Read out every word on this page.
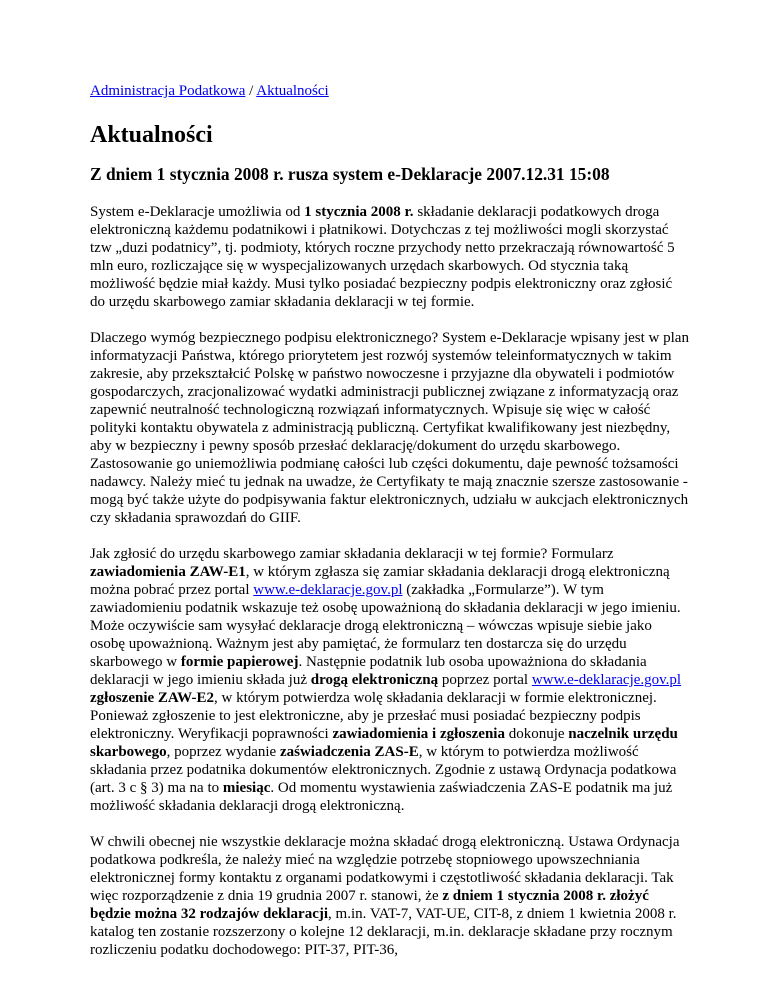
Administracja Podatkowa / Aktualności
Aktualności
Z dniem 1 stycznia 2008 r. rusza system e-Deklaracje 2007.12.31 15:08

System e-Deklaracje umożliwia od 1 stycznia 2008 r. składanie deklaracji podatkowych droga elektroniczną każdemu podatnikowi i płatnikowi. Dotychczas z tej możliwości mogli skorzystać tzw „duzi podatnicy”, tj. podmioty, których roczne przychody netto przekraczają równowartość 5 mln euro, rozliczające się w wyspecjalizowanych urzędach skarbowych. Od stycznia taką możliwość będzie miał każdy. Musi tylko posiadać bezpieczny podpis elektroniczny oraz zgłosić do urzędu skarbowego zamiar składania deklaracji w tej formie.

Dlaczego wymóg bezpiecznego podpisu elektronicznego? System e-Deklaracje wpisany jest w plan informatyzacji Państwa, którego priorytetem jest rozwój systemów teleinformatycznych w takim zakresie, aby przekształcić Polskę w państwo nowoczesne i przyjazne dla obywateli i podmiotów gospodarczych, zracjonalizować wydatki administracji publicznej związane z informatyzacją oraz zapewnić neutralność technologiczną rozwiązań informatycznych. Wpisuje się więc w całość polityki kontaktu obywatela z administracją publiczną. Certyfikat kwalifikowany jest niezbędny, aby w bezpieczny i pewny sposób przesłać deklarację/dokument do urzędu skarbowego. Zastosowanie go uniemożliwia podmianę całości lub części dokumentu, daje pewność tożsamości nadawcy. Należy mieć tu jednak na uwadze, że Certyfikaty te mają znacznie szersze zastosowanie - mogą być także użyte do podpisywania faktur elektronicznych, udziału w aukcjach elektronicznych czy składania sprawozdań do GIIF.

Jak zgłosić do urzędu skarbowego zamiar składania deklaracji w tej formie? Formularz zawiadomienia ZAW-E1, w którym zgłasza się zamiar składania deklaracji drogą elektroniczną można pobrać przez portal www.e-deklaracje.gov.pl (zakładka „Formularze”). W tym zawiadomieniu podatnik wskazuje też osobę upoważnioną do składania deklaracji w jego imieniu. Może oczywiście sam wysyłać deklaracje drogą elektroniczną – wówczas wpisuje siebie jako osobę upoważnioną. Ważnym jest aby pamiętać, że formularz ten dostarcza się do urzędu skarbowego w formie papierowej. Następnie podatnik lub osoba upoważniona do składania deklaracji w jego imieniu składa już drogą elektroniczną poprzez portal www.e-deklaracje.gov.pl zgłoszenie ZAW-E2, w którym potwierdza wolę składania deklaracji w formie elektronicznej. Ponieważ zgłoszenie to jest elektroniczne, aby je przesłać musi posiadać bezpieczny podpis elektroniczny. Weryfikacji poprawności zawiadomienia i zgłoszenia dokonuje naczelnik urzędu skarbowego, poprzez wydanie zaświadczenia ZAS-E, w którym to potwierdza możliwość składania przez podatnika dokumentów elektronicznych. Zgodnie z ustawą Ordynacja podatkowa (art. 3 c § 3) ma na to miesiąc. Od momentu wystawienia zaświadczenia ZAS-E podatnik ma już możliwość składania deklaracji drogą elektroniczną.

W chwili obecnej nie wszystkie deklaracje można składać drogą elektroniczną. Ustawa Ordynacja podatkowa podkreśla, że należy mieć na względzie potrzebę stopniowego upowszechniania elektronicznej formy kontaktu z organami podatkowymi i częstotliwość składania deklaracji. Tak więc rozporządzenie z dnia 19 grudnia 2007 r. stanowi, że z dniem 1 stycznia 2008 r. złożyć będzie można 32 rodzajów deklaracji, m.in. VAT-7, VAT-UE, CIT-8, z dniem 1 kwietnia 2008 r. katalog ten zostanie rozszerzony o kolejne 12 deklaracji, m.in. deklaracje składane przy rocznym rozliczeniu podatku dochodowego: PIT-37, PIT-36,
